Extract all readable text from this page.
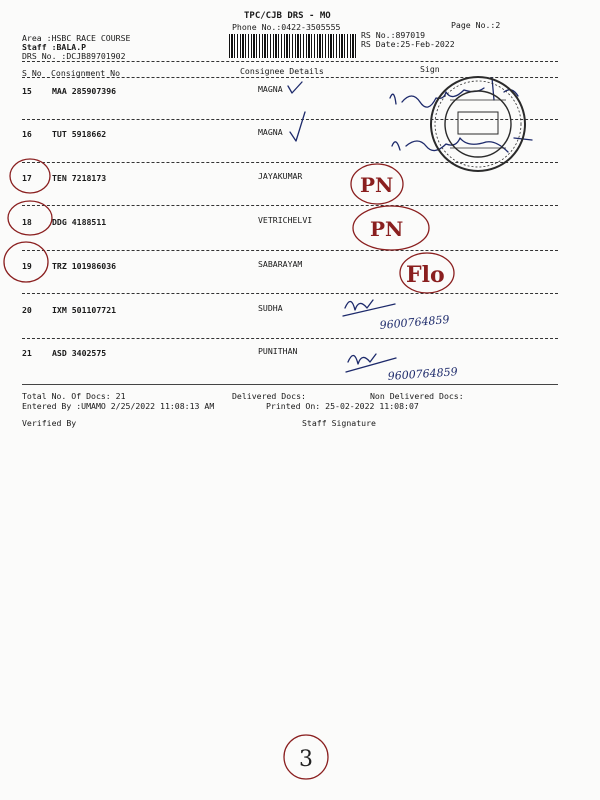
TPC/CJB DRS - MO
Phone No.:0422-3505555	Page No.:2
Area :HSBC RACE COURSE
Staff :BALA.P
DRS No. :DCJB89701902
RS No.:897019
RS Date:25-Feb-2022
S No Consignment No	Consignee Details	Sign
15 MAA 285907396	MAGNA
16 TUT 5918662	MAGNA
17 TEN 7218173	JAYAKUMAR
18 DDG 4188511	VETRICHELVI
19 TRZ 101986036	SABARAYAM
20 IXM 501107721	SUDHA
21 ASD 3402575	PUNITHAN
Total No. Of Docs: 21	Delivered Docs:	Non Delivered Docs:
Entered By :UMAMO 2/25/2022 11:08:13 AM	Printed On: 25-02-2022 11:08:07
Verified By	Staff Signature
PN
PN
Flo
9600764859
9600764859
3
